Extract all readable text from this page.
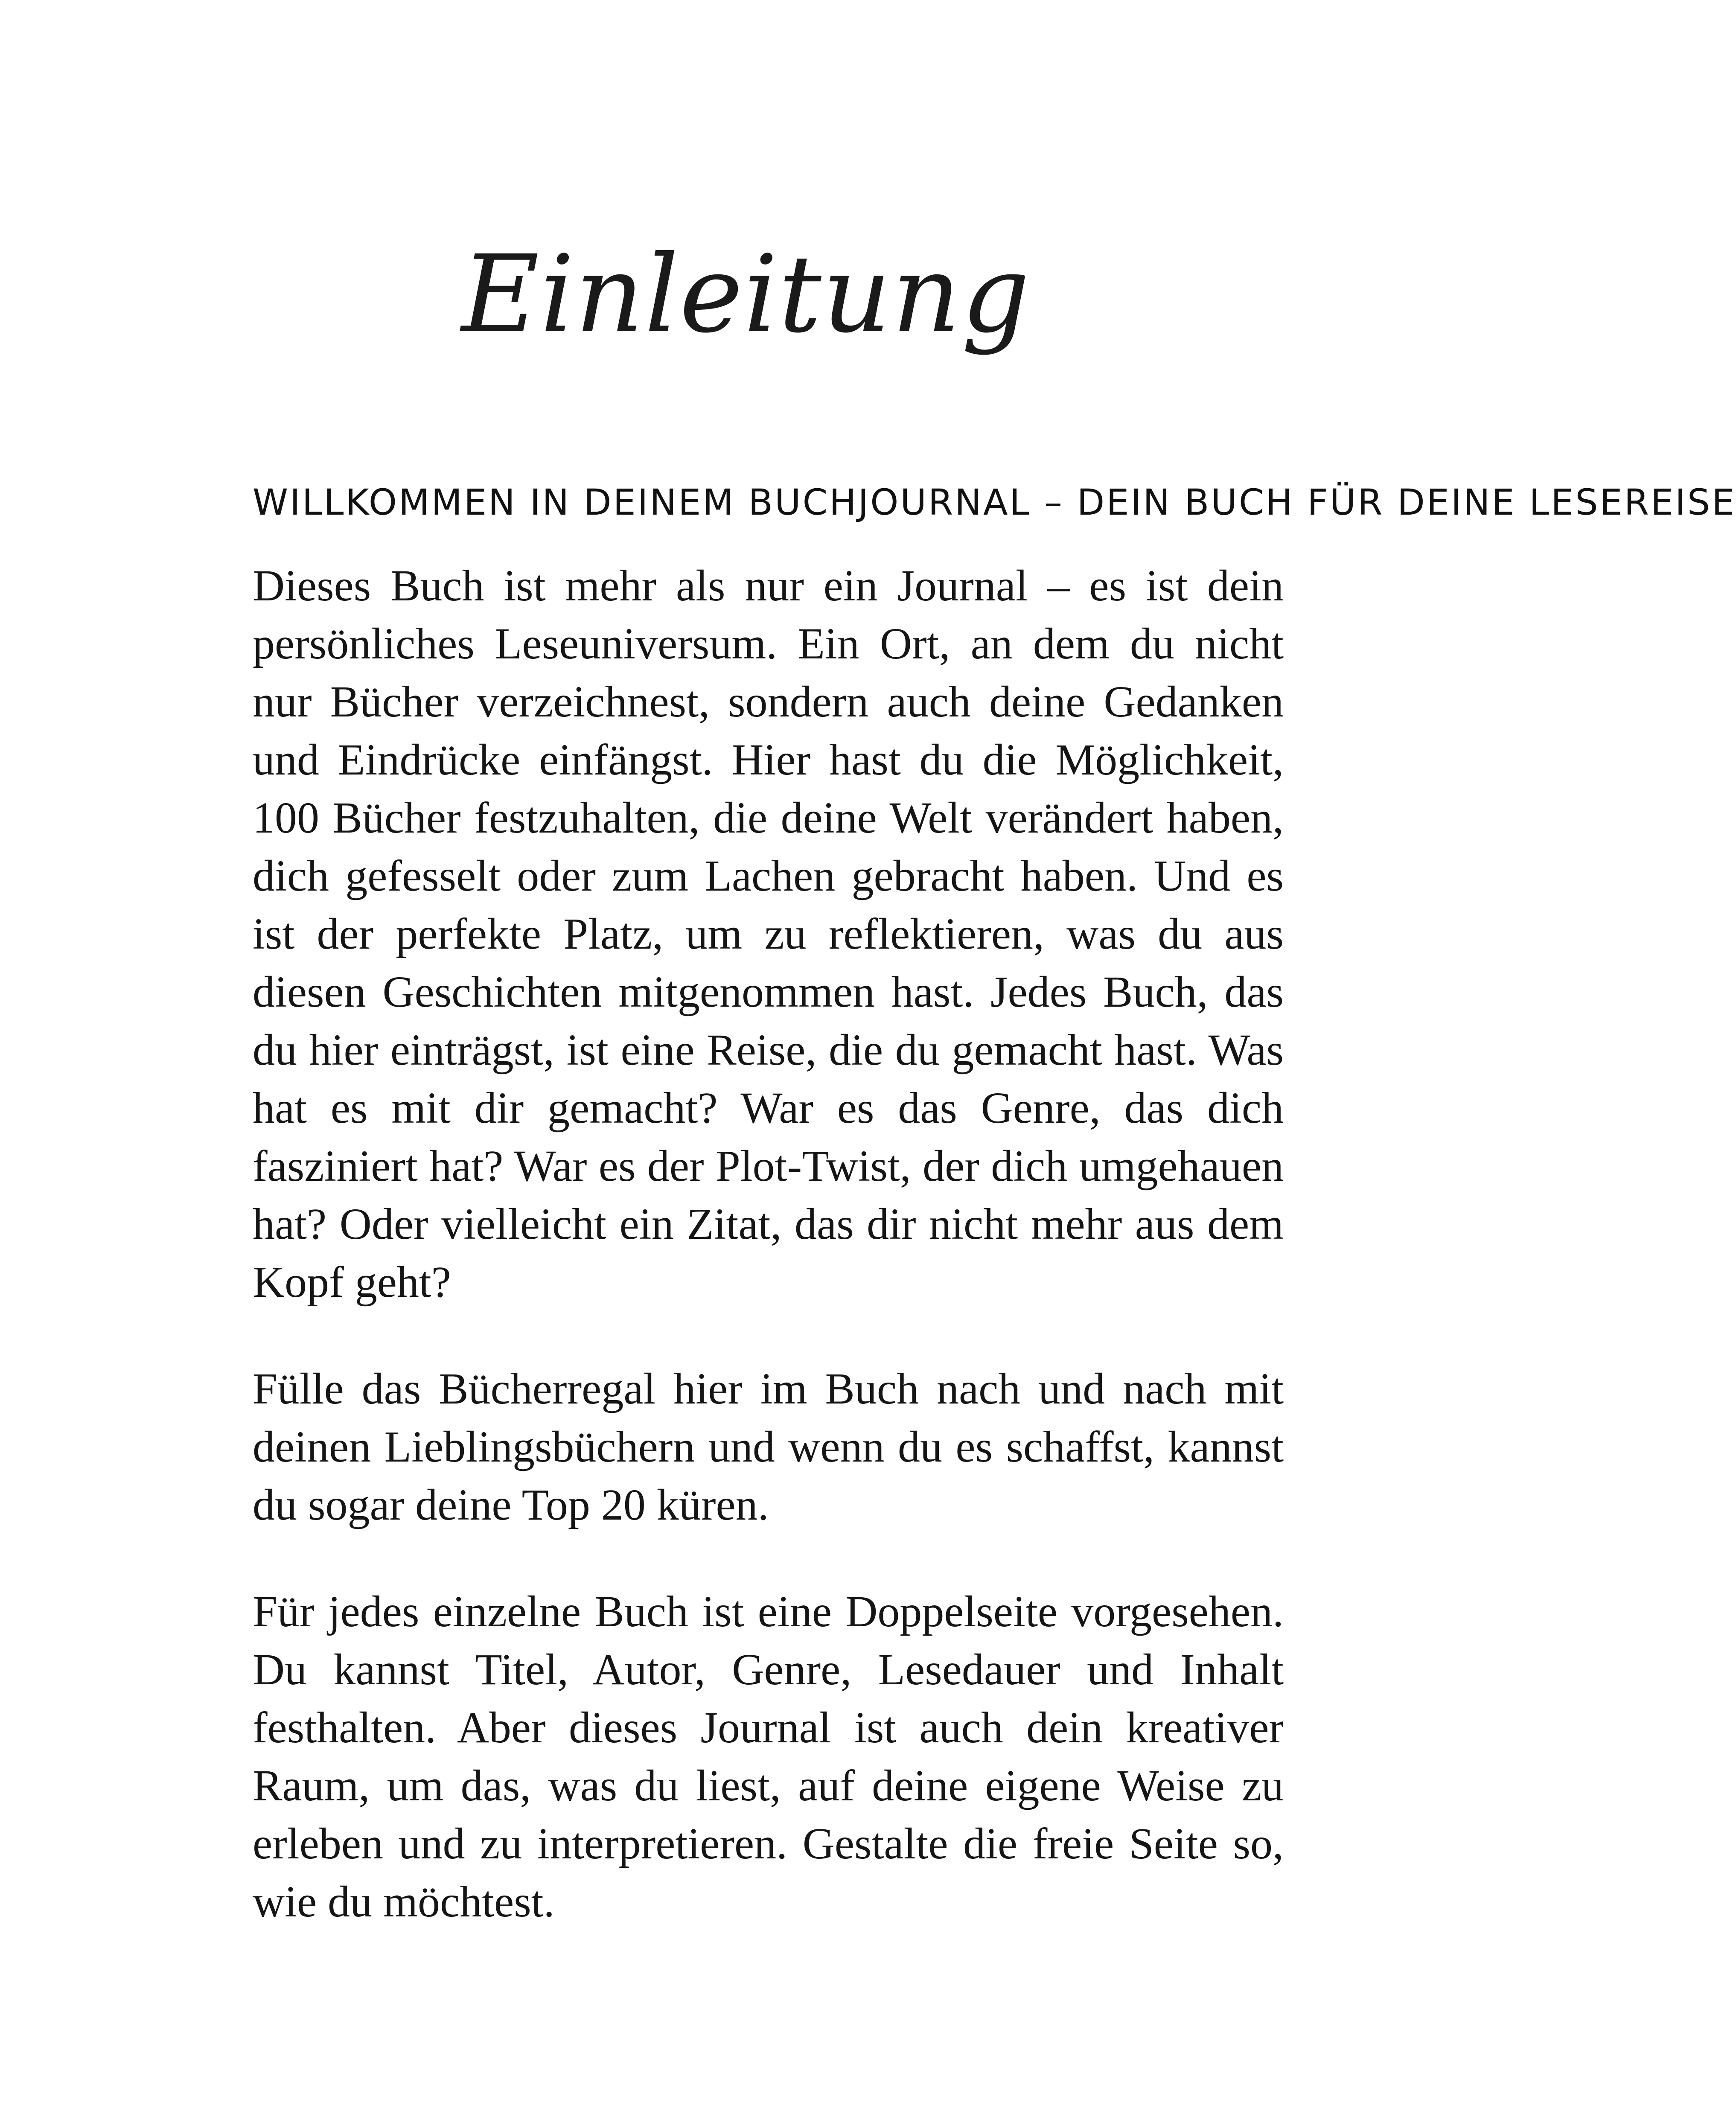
Einleitung
WILLKOMMEN IN DEINEM BUCHJOURNAL – DEIN BUCH FÜR DEINE LESEREISE

Dieses Buch ist mehr als nur ein Journal – es ist dein persönliches Leseuniversum. Ein Ort, an dem du nicht nur Bücher verzeichnest, sondern auch deine Gedanken und Eindrücke einfängst. Hier hast du die Möglichkeit, 100 Bücher festzuhalten, die deine Welt verändert haben, dich gefesselt oder zum Lachen gebracht haben. Und es ist der perfekte Platz, um zu reflektieren, was du aus diesen Geschichten mitgenommen hast. Jedes Buch, das du hier einträgst, ist eine Reise, die du gemacht hast. Was hat es mit dir gemacht? War es das Genre, das dich fasziniert hat? War es der Plot-Twist, der dich umgehauen hat? Oder vielleicht ein Zitat, das dir nicht mehr aus dem Kopf geht?

Fülle das Bücherregal hier im Buch nach und nach mit deinen Lieblingsbüchern und wenn du es schaffst, kannst du sogar deine Top 20 küren.

Für jedes einzelne Buch ist eine Doppelseite vorgesehen. Du kannst Titel, Autor, Genre, Lesedauer und Inhalt festhalten. Aber dieses Journal ist auch dein kreativer Raum, um das, was du liest, auf deine eigene Weise zu erleben und zu interpretieren. Gestalte die freie Seite so, wie du möchtest.
